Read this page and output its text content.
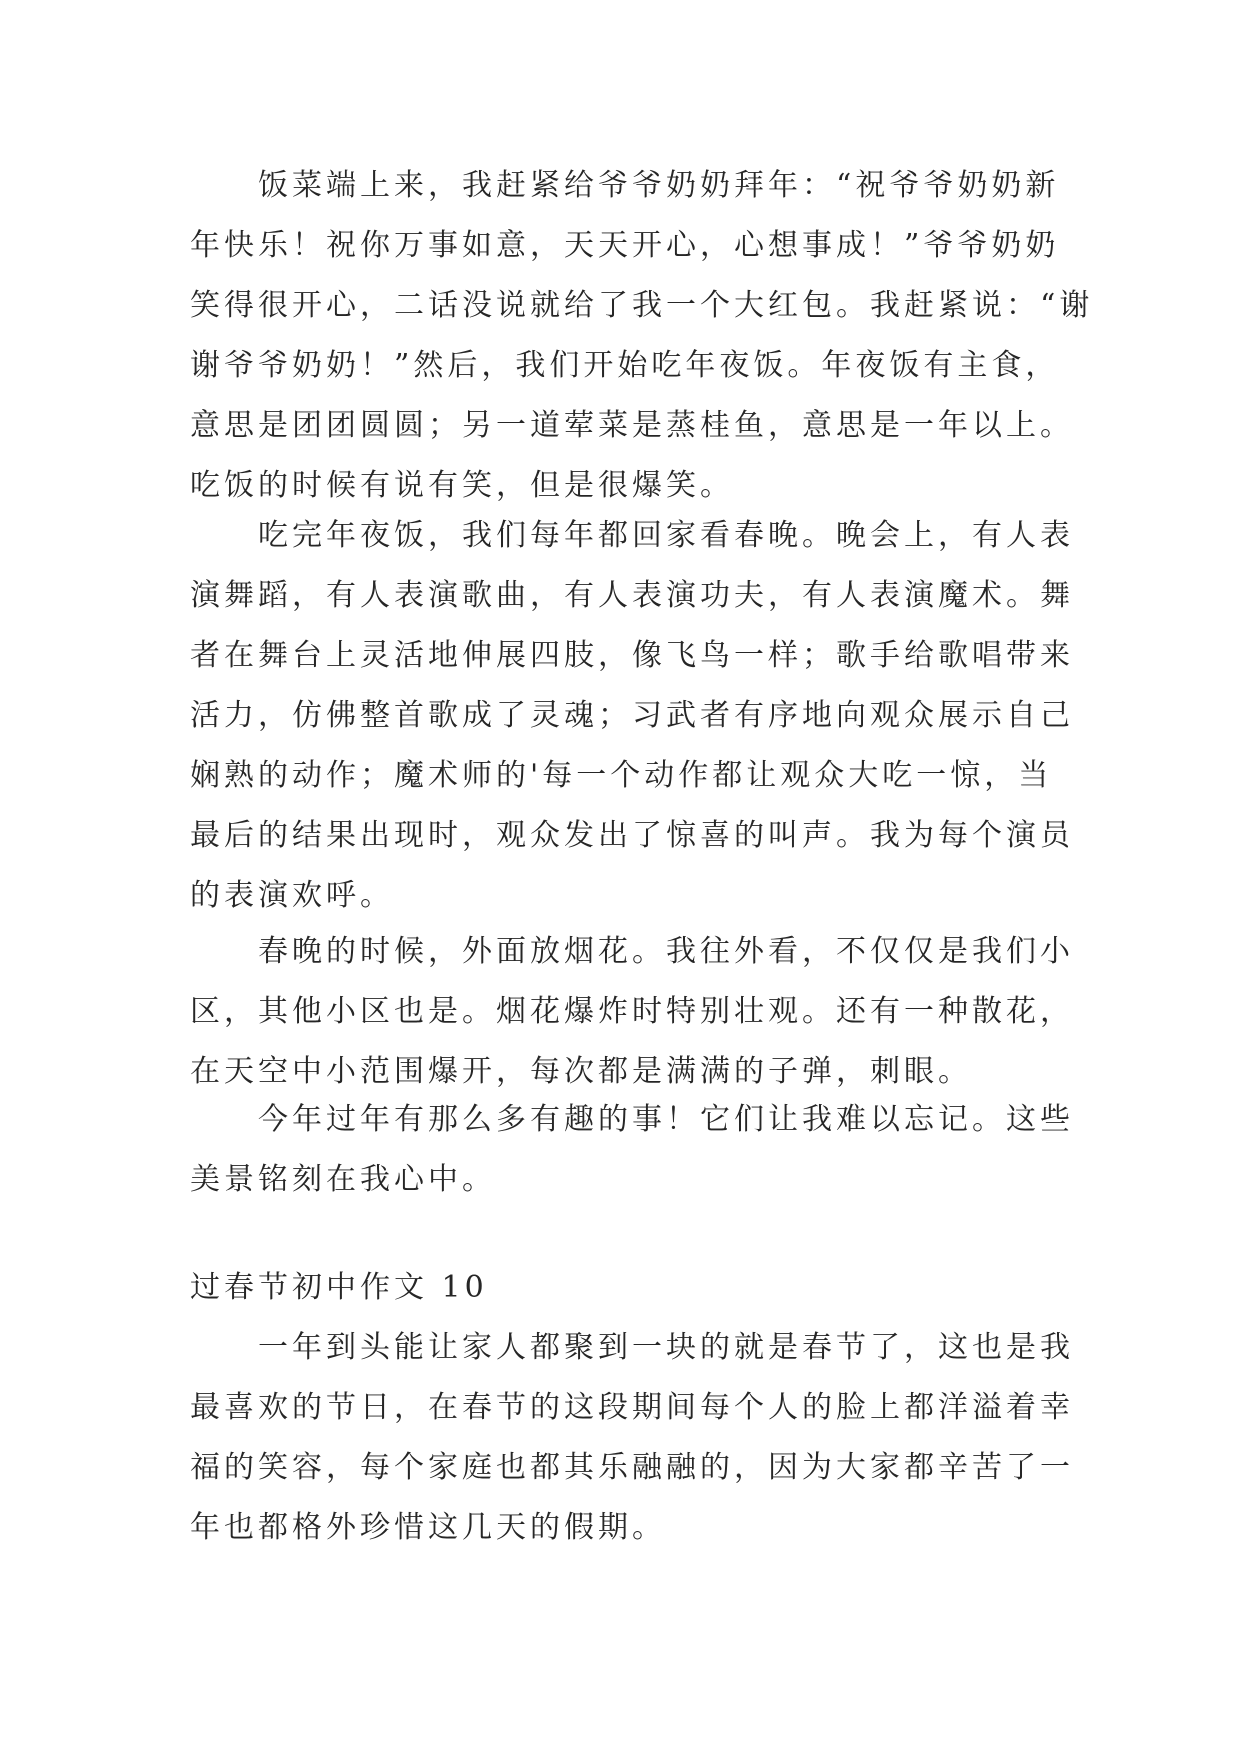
饭菜端上来，我赶紧给爷爷奶奶拜年：“祝爷爷奶奶新
年快乐！祝你万事如意，天天开心，心想事成！”爷爷奶奶
笑得很开心，二话没说就给了我一个大红包。我赶紧说：“谢
谢爷爷奶奶！”然后，我们开始吃年夜饭。年夜饭有主食，
意思是团团圆圆；另一道荤菜是蒸桂鱼，意思是一年以上。
吃饭的时候有说有笑，但是很爆笑。
吃完年夜饭，我们每年都回家看春晚。晚会上，有人表
演舞蹈，有人表演歌曲，有人表演功夫，有人表演魔术。舞
者在舞台上灵活地伸展四肢，像飞鸟一样；歌手给歌唱带来
活力，仿佛整首歌成了灵魂；习武者有序地向观众展示自己
娴熟的动作；魔术师的'每一个动作都让观众大吃一惊，当
最后的结果出现时，观众发出了惊喜的叫声。我为每个演员
的表演欢呼。
春晚的时候，外面放烟花。我往外看，不仅仅是我们小
区，其他小区也是。烟花爆炸时特别壮观。还有一种散花，
在天空中小范围爆开，每次都是满满的子弹，刺眼。
今年过年有那么多有趣的事！它们让我难以忘记。这些
美景铭刻在我心中。
过春节初中作文 10
一年到头能让家人都聚到一块的就是春节了，这也是我
最喜欢的节日，在春节的这段期间每个人的脸上都洋溢着幸
福的笑容，每个家庭也都其乐融融的，因为大家都辛苦了一
年也都格外珍惜这几天的假期。
